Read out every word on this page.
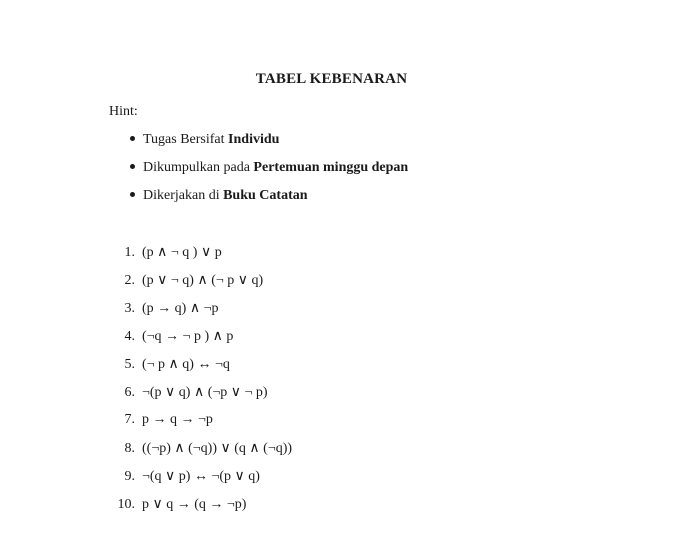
TABEL KEBENARAN
Hint:
Tugas Bersifat Individu
Dikumpulkan pada Pertemuan minggu depan
Dikerjakan di Buku Catatan
1. (p ∧ ¬ q ) ∨ p
2. (p ∨ ¬ q) ∧ (¬ p ∨ q)
3. (p → q) ∧ ¬p
4. (¬q → ¬ p ) ∧ p
5. (¬ p ∧ q) ↔ ¬q
6. ¬(p ∨ q) ∧ (¬p ∨ ¬ p)
7. p → q → ¬p
8. ((¬p) ∧ (¬q)) ∨ (q ∧ (¬q))
9. ¬(q ∨ p) ↔ ¬(p ∨ q)
10. p ∨ q → (q → ¬p)
